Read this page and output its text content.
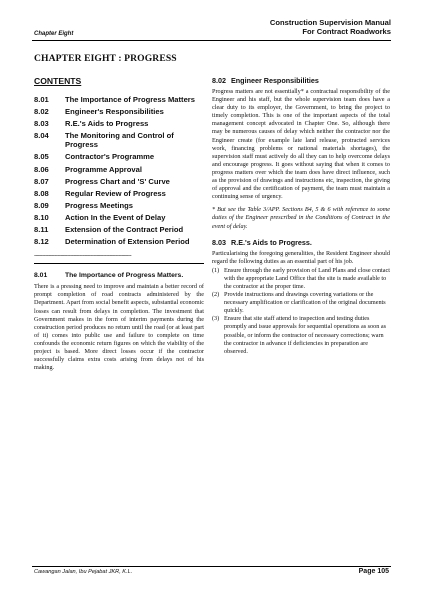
Construction Supervision Manual
For Contract Roadworks
Chapter Eight
CHAPTER EIGHT : PROGRESS
CONTENTS
8.01	The Importance of Progress Matters
8.02	Engineer's Responsibilities
8.03	R.E.'s Aids to Progress
8.04	The Monitoring and Control of Progress
8.05	Contractor's Programme
8.06	Programme Approval
8.07	Progress Chart and 'S' Curve
8.08	Regular Review of Progress
8.09	Progress Meetings
8.10	Action In the Event of Delay
8.11	Extension of the Contract Period
8.12	Determination of Extension Period
--------------------------------------------------------------
8.01	The Importance of Progress Matters.
There is a pressing need to improve and maintain a better record of prompt completion of road contracts administered by the Department. Apart from social benefit aspects, substantial economic losses can result from delays in completion. The investment that Government makes in the form of interim payments during the construction period produces no return until the road (or at least part of it) comes into public use and failure to complete on time confounds the economic return figures on which the viability of the project is based. More direct losses occur if the contractor successfully claims extra costs arising from delays not of his making.
8.02 Engineer Responsibilities
Progress matters are not essentially* a contractual responsibility of the Engineer and his staff, but the whole supervision team does have a clear duty to its employer, the Government, to bring the project to timely completion. This is one of the important aspects of the total management concept advocated in Chapter One. So, although there may be numerous causes of delay which neither the contractor nor the Engineer create (for example late land release, protracted services work, financing problems or national materials shortages), the supervision staff must actively do all they can to help overcome delays and encourage progress. It goes without saying that when it comes to progress matters over which the team does have direct influence, such as the provision of drawings and instructions etc, inspection, the giving of approval and the certification of payment, the team must maintain a continuing sense of urgency.
* But see the Table 3/APP. Sections B4, 5 & 6 with reference to some duties of the Engineer prescribed in the Conditions of Contract in the event of delay.
8.03 R.E.'s Aids to Progress.
Particularising the foregoing generalities, the Resident Engineer should regard the following duties as an essential part of his job.
(1) Ensure through the early provision of Land Plans and close contact with the appropriate Land Office that the site is made available to the contractor at the proper time.
(2) Provide instructions and drawings covering variations or the necessary amplification or clarification of the original documents quickly.
(3) Ensure that site staff attend to inspection and testing duties promptly and issue approvals for sequential operations as soon as possible, or inform the contractor of necessary corrections; warn the contractor in advance if deficiencies in preparation are observed.
Cawangan Jalan, Ibu Pejabat JKR, K.L.	Page 105
